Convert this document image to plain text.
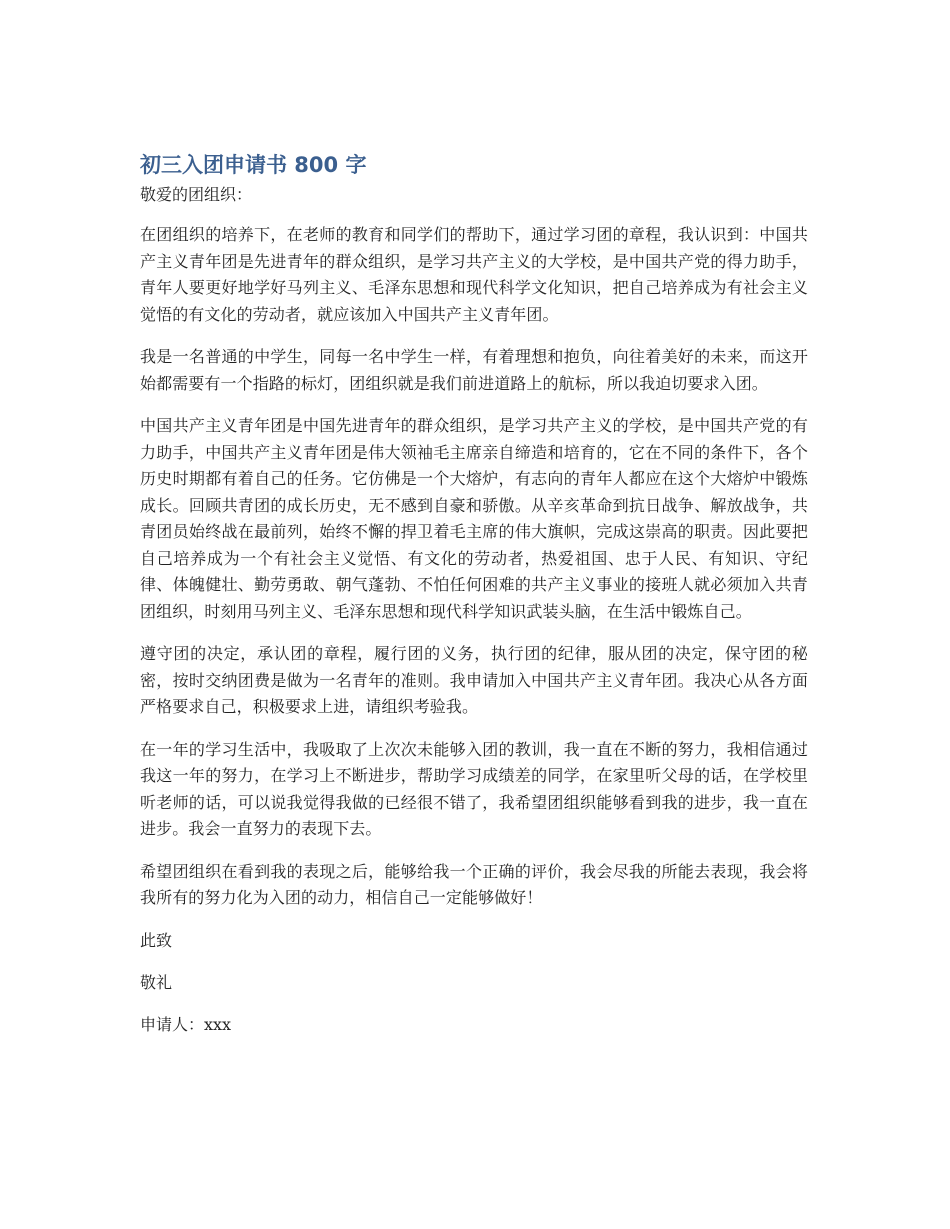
初三入团申请书 800 字

敬爱的团组织：

在团组织的培养下，在老师的教育和同学们的帮助下，通过学习团的章程，我认识到：中国共产主义青年团是先进青年的群众组织，是学习共产主义的大学校，是中国共产党的得力助手，青年人要更好地学好马列主义、毛泽东思想和现代科学文化知识，把自己培养成为有社会主义觉悟的有文化的劳动者，就应该加入中国共产主义青年团。

我是一名普通的中学生，同每一名中学生一样，有着理想和抱负，向往着美好的未来，而这开始都需要有一个指路的标灯，团组织就是我们前进道路上的航标，所以我迫切要求入团。

中国共产主义青年团是中国先进青年的群众组织，是学习共产主义的学校，是中国共产党的有力助手，中国共产主义青年团是伟大领袖毛主席亲自缔造和培育的，它在不同的条件下，各个历史时期都有着自己的任务。它仿佛是一个大熔炉，有志向的青年人都应在这个大熔炉中锻炼成长。回顾共青团的成长历史，无不感到自豪和骄傲。从辛亥革命到抗日战争、解放战争，共青团员始终战在最前列，始终不懈的捍卫着毛主席的伟大旗帜，完成这崇高的职责。因此要把自己培养成为一个有社会主义觉悟、有文化的劳动者，热爱祖国、忠于人民、有知识、守纪律、体魄健壮、勤劳勇敢、朝气蓬勃、不怕任何困难的共产主义事业的接班人就必须加入共青团组织，时刻用马列主义、毛泽东思想和现代科学知识武装头脑，在生活中锻炼自己。

遵守团的决定，承认团的章程，履行团的义务，执行团的纪律，服从团的决定，保守团的秘密，按时交纳团费是做为一名青年的准则。我申请加入中国共产主义青年团。我决心从各方面严格要求自己，积极要求上进，请组织考验我。

在一年的学习生活中，我吸取了上次次未能够入团的教训，我一直在不断的努力，我相信通过我这一年的努力，在学习上不断进步，帮助学习成绩差的同学，在家里听父母的话，在学校里听老师的话，可以说我觉得我做的已经很不错了，我希望团组织能够看到我的进步，我一直在进步。我会一直努力的表现下去。

希望团组织在看到我的表现之后，能够给我一个正确的评价，我会尽我的所能去表现，我会将我所有的努力化为入团的动力，相信自己一定能够做好！

此致

敬礼

申请人：xxx
